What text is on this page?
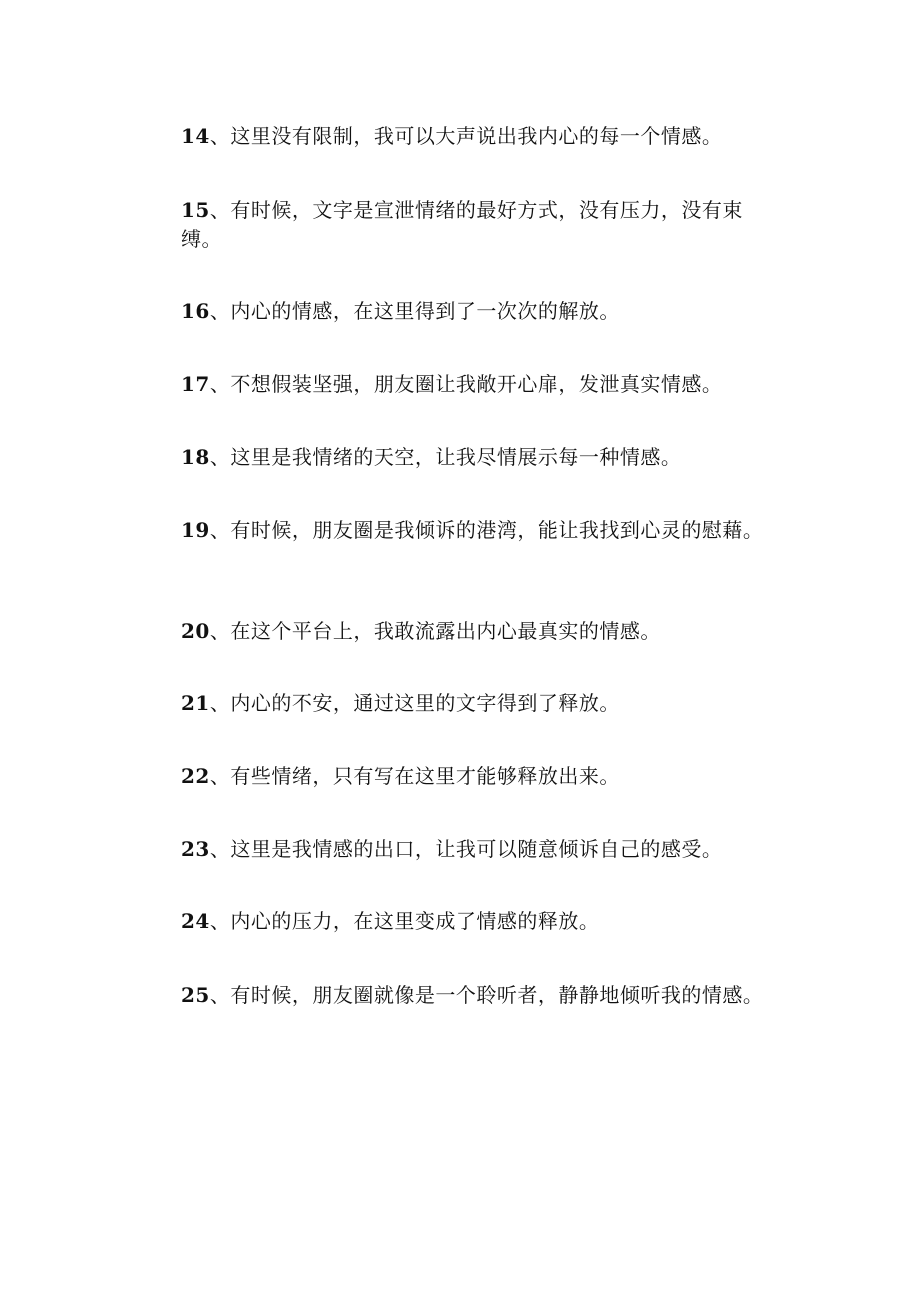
14、这里没有限制，我可以大声说出我内心的每一个情感。

15、有时候，文字是宣泄情绪的最好方式，没有压力，没有束缚。

16、内心的情感，在这里得到了一次次的解放。

17、不想假装坚强，朋友圈让我敞开心扉，发泄真实情感。

18、这里是我情绪的天空，让我尽情展示每一种情感。

19、有时候，朋友圈是我倾诉的港湾，能让我找到心灵的慰藉。

20、在这个平台上，我敢流露出内心最真实的情感。

21、内心的不安，通过这里的文字得到了释放。

22、有些情绪，只有写在这里才能够释放出来。

23、这里是我情感的出口，让我可以随意倾诉自己的感受。

24、内心的压力，在这里变成了情感的释放。

25、有时候，朋友圈就像是一个聆听者，静静地倾听我的情感。
